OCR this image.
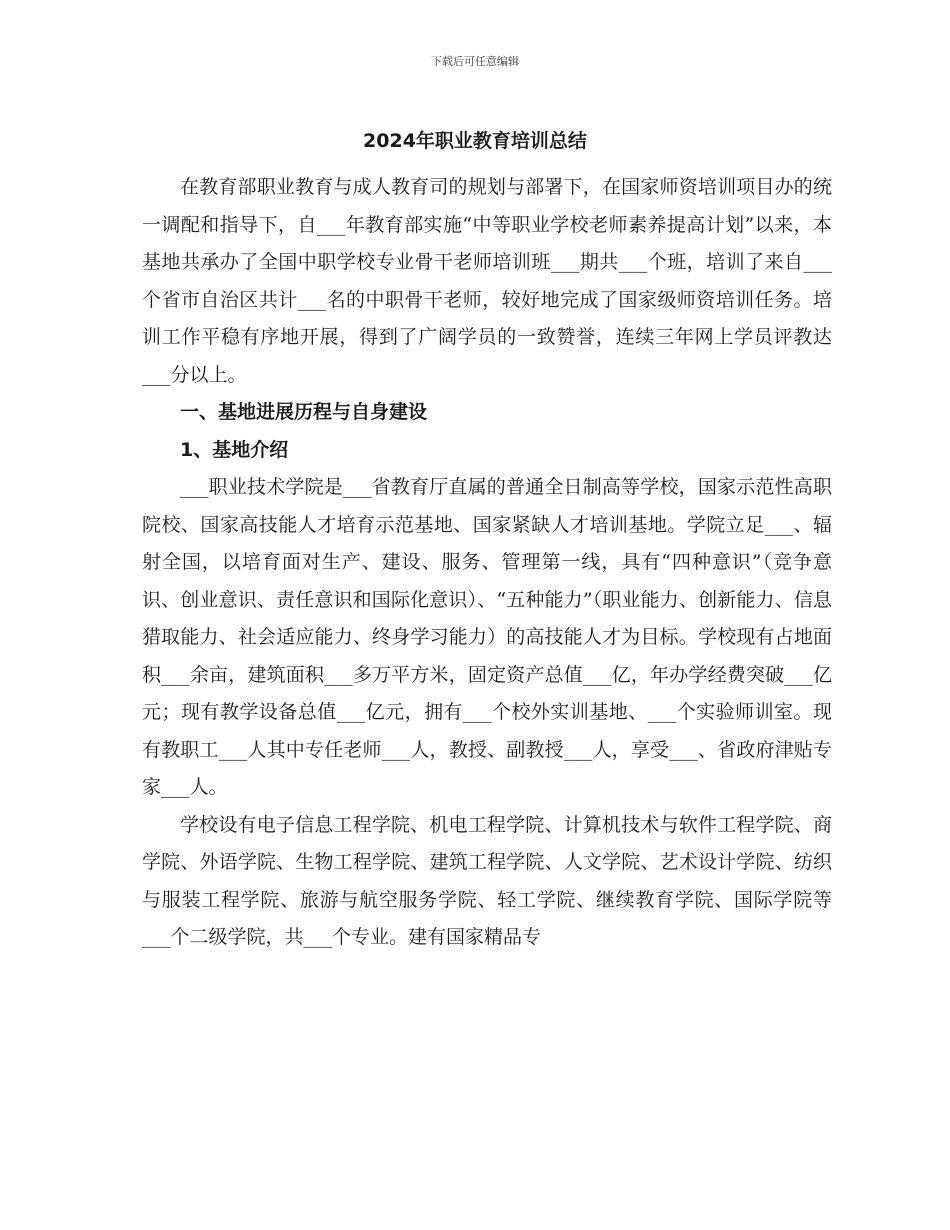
下载后可任意编辑
2024年职业教育培训总结

在教育部职业教育与成人教育司的规划与部署下，在国家师资培训项目办的统一调配和指导下，自___年教育部实施“中等职业学校老师素养提高计划”以来，本基地共承办了全国中职学校专业骨干老师培训班___期共___个班，培训了来自___个省市自治区共计___名的中职骨干老师，较好地完成了国家级师资培训任务。培训工作平稳有序地开展，得到了广阔学员的一致赞誉，连续三年网上学员评教达___分以上。

一、基地进展历程与自身建设

1、基地介绍

___职业技术学院是___省教育厅直属的普通全日制高等学校，国家示范性高职院校、国家高技能人才培育示范基地、国家紧缺人才培训基地。学院立足___、辐射全国，以培育面对生产、建设、服务、管理第一线，具有“四种意识”（竞争意识、创业意识、责任意识和国际化意识）、“五种能力”（职业能力、创新能力、信息猎取能力、社会适应能力、终身学习能力）的高技能人才为目标。学校现有占地面积___余亩，建筑面积___多万平方米，固定资产总值___亿，年办学经费突破___亿元；现有教学设备总值___亿元，拥有___个校外实训基地、___个实验师训室。现有教职工___人其中专任老师___人，教授、副教授___人，享受___、省政府津贴专家___人。

学校设有电子信息工程学院、机电工程学院、计算机技术与软件工程学院、商学院、外语学院、生物工程学院、建筑工程学院、人文学院、艺术设计学院、纺织与服装工程学院、旅游与航空服务学院、轻工学院、继续教育学院、国际学院等___个二级学院，共___个专业。建有国家精品专
